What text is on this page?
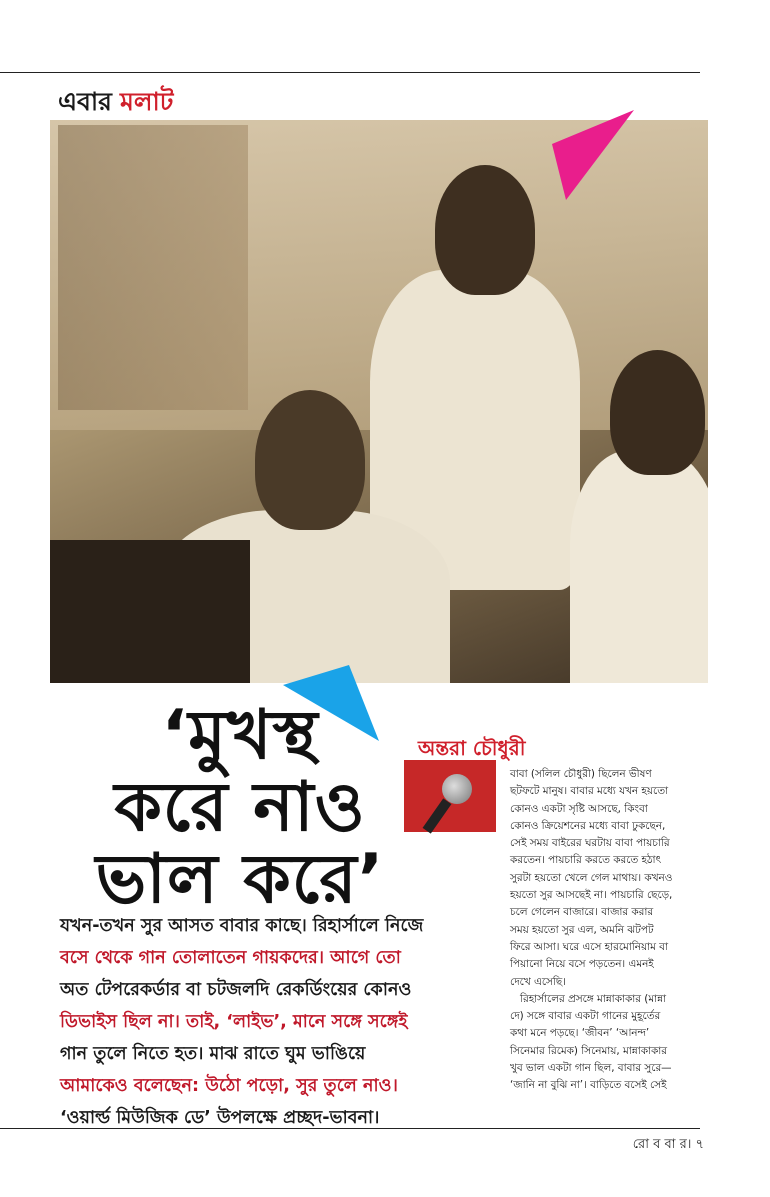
এবার মলাট
‘মুখস্থ
করে নাও
ভাল করে’
অন্তরা চৌধুরী

যখন-তখন সুর আসত বাবার কাছে। রিহার্সালে নিজে

বসে থেকে গান তোলাতেন গায়কদের। আগে তো

অত টেপরেকর্ডার বা চটজলদি রেকর্ডিংয়ের কোনও

ডিভাইস ছিল না। তাই, ‘লাইভ’, মানে সঙ্গে সঙ্গেই

গান তুলে নিতে হত। মাঝ রাতে ঘুম ভাঙিয়ে

আমাকেও বলেছেন: উঠো পড়ো, সুর তুলে নাও।

‘ওয়ার্ল্ড মিউজিক ডে’ উপলক্ষে প্রচ্ছদ-ভাবনা।

বাবা (সলিল চৌধুরী) ছিলেন ভীষণ

ছটফটে মানুষ। বাবার মধ্যে যখন হয়তো

কোনও একটা সৃষ্টি আসছে, কিংবা

কোনও ক্রিয়েশনের মধ্যে বাবা ঢুকছেন,

সেই সময় বাইরের ঘরটায় বাবা পায়চারি

করতেন। পায়চারি করতে করতে হঠাৎ

সুরটা হয়তো খেলে গেল মাথায়। কখনও

হয়তো সুর আসছেই না। পায়চারি ছেড়ে,

চলে গেলেন বাজারে। বাজার করার

সময় হয়তো সুর এল, অমনি ঝটপট

ফিরে আসা। ঘরে এসে হারমোনিয়াম বা

পিয়ানো নিয়ে বসে পড়তেন। এমনই

দেখে এসেছি।

রিহার্সালের প্রসঙ্গে মান্নাকাকার (মান্না

দে) সঙ্গে বাবার একটা গানের মুহূর্তের

কথা মনে পড়ছে। ‘জীবন’ ‘আনন্দ’

সিনেমার রিমেক) সিনেমায়, মান্নাকাকার

খুব ভাল একটা গান ছিল, বাবার সুরে—

‘জানি না বুঝি না’। বাড়িতে বসেই সেই

রো ব বা র। ৭
